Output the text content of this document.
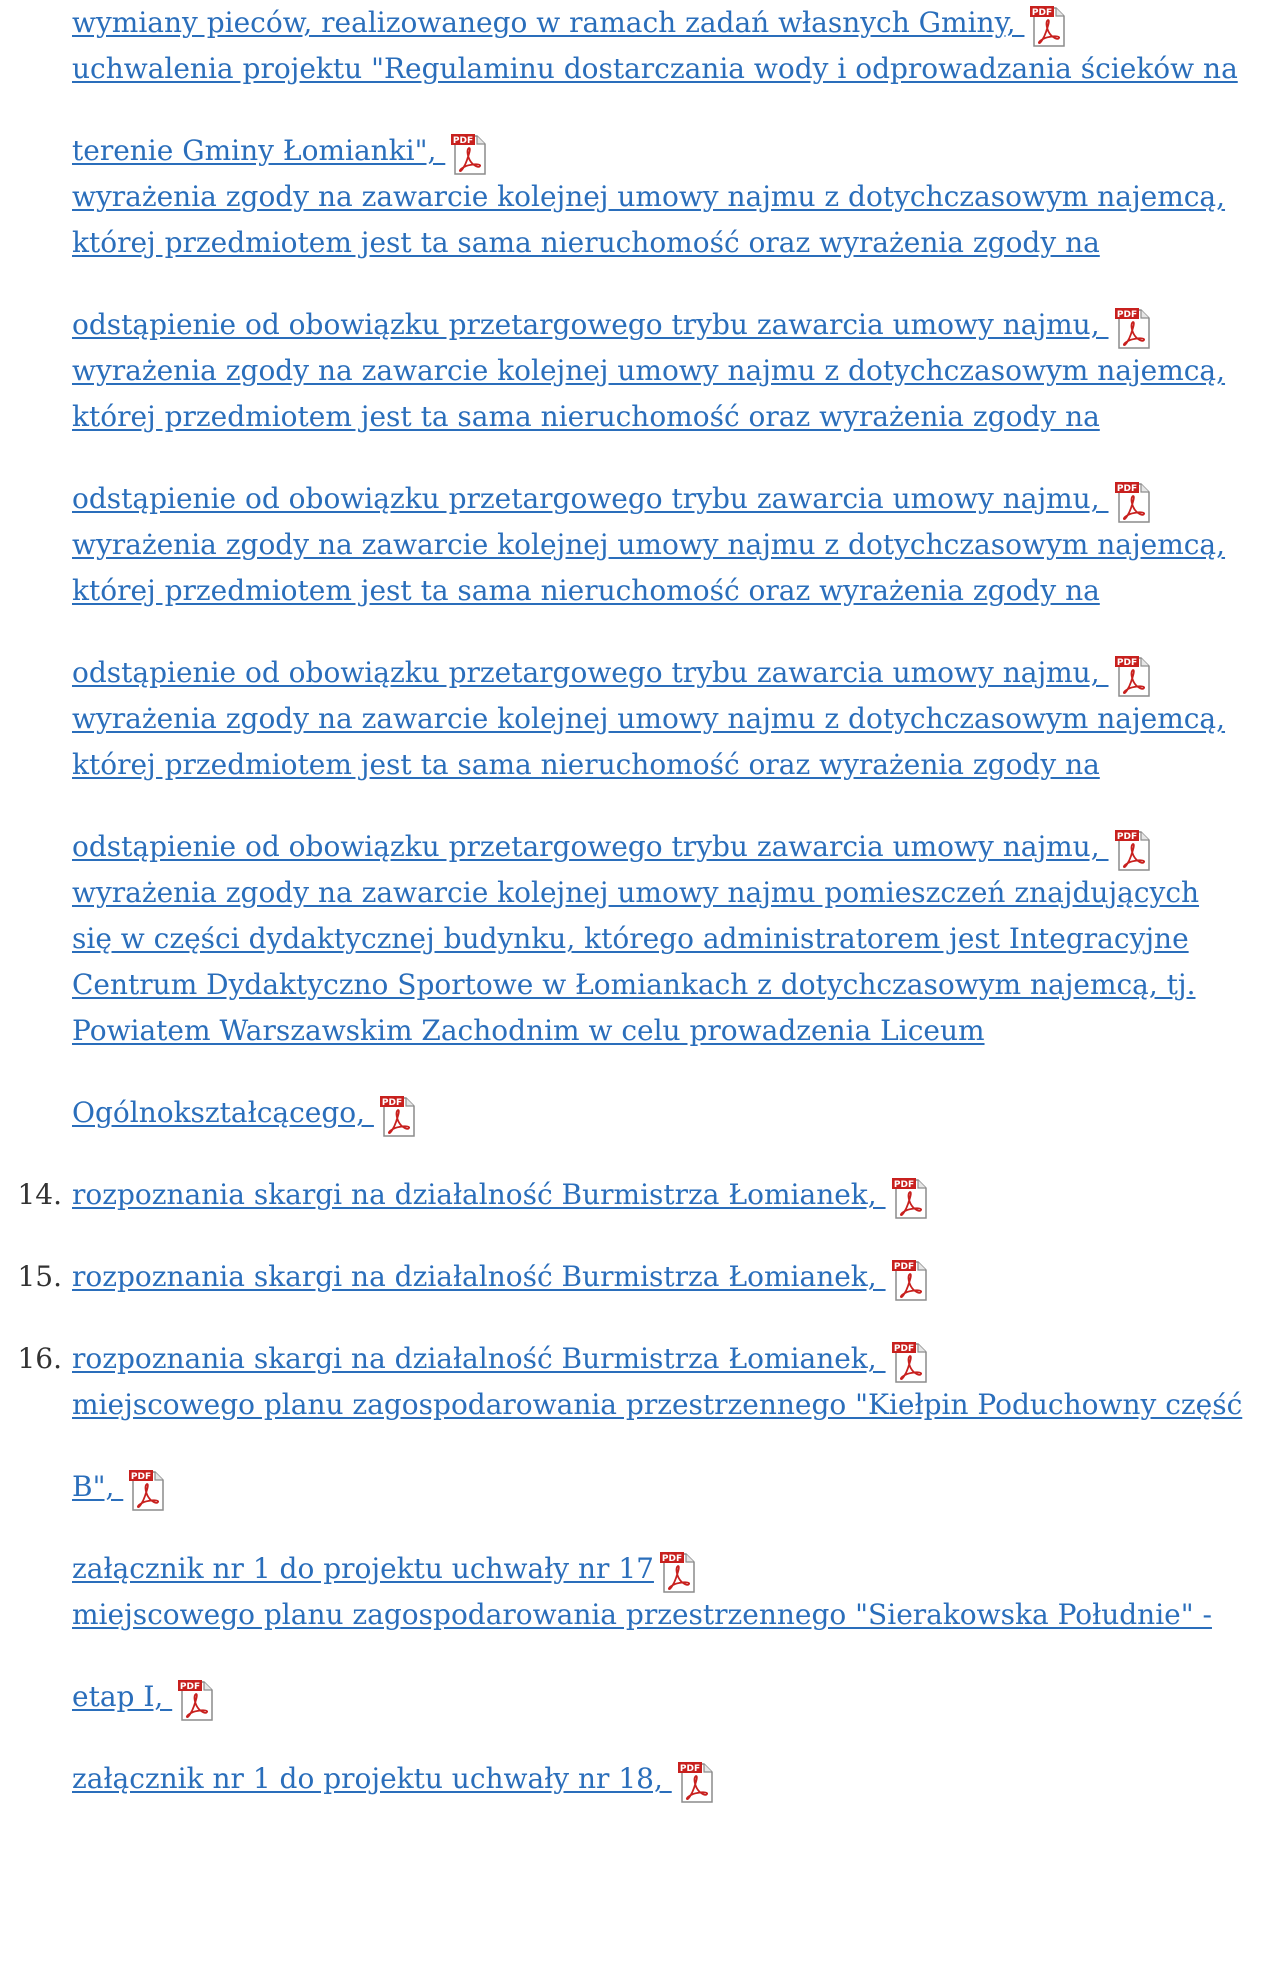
wymiany pieców, realizowanego w ramach zadań własnych Gminy, PDF
uchwalenia projektu "Regulaminu dostarczania wody i odprowadzania ścieków na
terenie Gminy Łomianki", PDF
wyrażenia zgody na zawarcie kolejnej umowy najmu z dotychczasowym najemcą,
której przedmiotem jest ta sama nieruchomość oraz wyrażenia zgody na
odstąpienie od obowiązku przetargowego trybu zawarcia umowy najmu, PDF
wyrażenia zgody na zawarcie kolejnej umowy najmu z dotychczasowym najemcą,
której przedmiotem jest ta sama nieruchomość oraz wyrażenia zgody na
odstąpienie od obowiązku przetargowego trybu zawarcia umowy najmu, PDF
wyrażenia zgody na zawarcie kolejnej umowy najmu z dotychczasowym najemcą,
której przedmiotem jest ta sama nieruchomość oraz wyrażenia zgody na
odstąpienie od obowiązku przetargowego trybu zawarcia umowy najmu, PDF
wyrażenia zgody na zawarcie kolejnej umowy najmu z dotychczasowym najemcą,
której przedmiotem jest ta sama nieruchomość oraz wyrażenia zgody na
odstąpienie od obowiązku przetargowego trybu zawarcia umowy najmu, PDF
wyrażenia zgody na zawarcie kolejnej umowy najmu pomieszczeń znajdujących
się w części dydaktycznej budynku, którego administratorem jest Integracyjne
Centrum Dydaktyczno Sportowe w Łomiankach z dotychczasowym najemcą, tj.
Powiatem Warszawskim Zachodnim w celu prowadzenia Liceum
Ogólnokształcącego, PDF
14. rozpoznania skargi na działalność Burmistrza Łomianek, PDF
15. rozpoznania skargi na działalność Burmistrza Łomianek, PDF
16. rozpoznania skargi na działalność Burmistrza Łomianek, PDF
miejscowego planu zagospodarowania przestrzennego "Kiełpin Poduchowny część
B", PDF
załącznik nr 1 do projektu uchwały nr 17 PDF
miejscowego planu zagospodarowania przestrzennego "Sierakowska Południe" -
etap I, PDF
załącznik nr 1 do projektu uchwały nr 18, PDF
